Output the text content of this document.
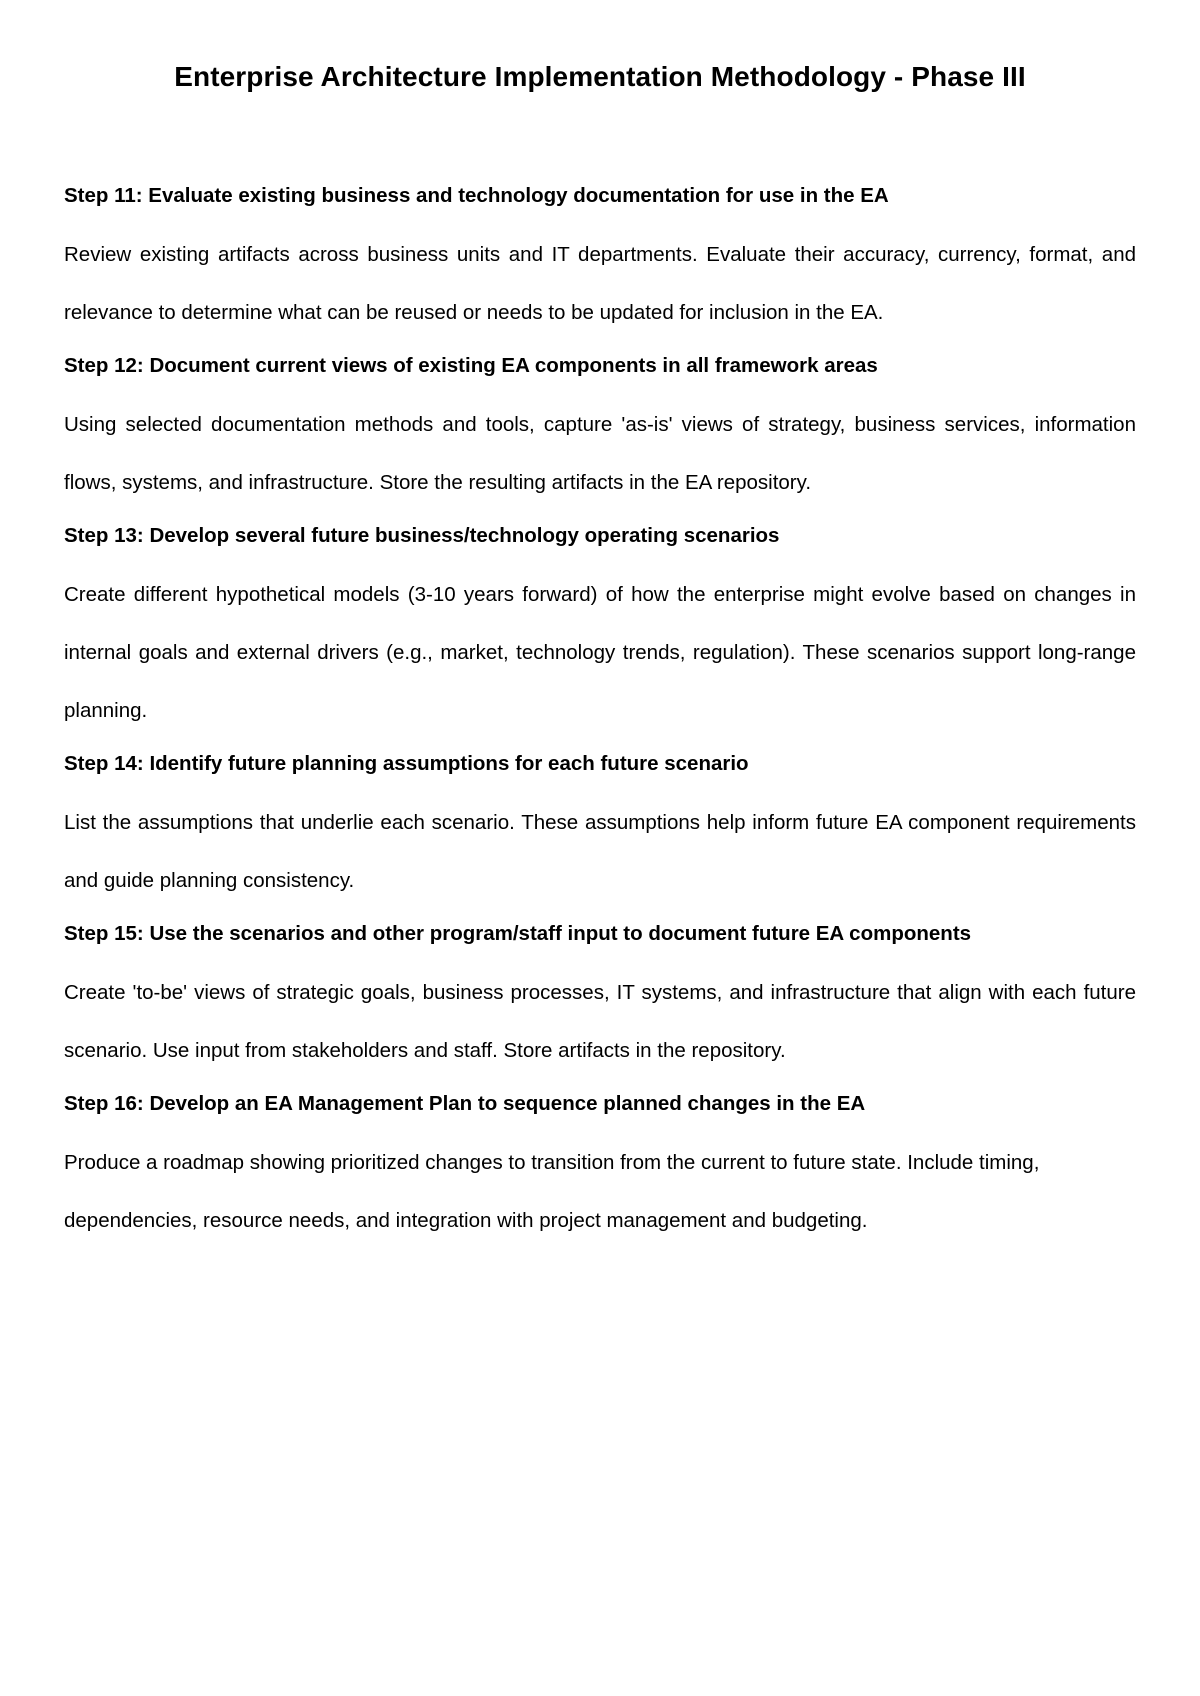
Enterprise Architecture Implementation Methodology - Phase III
Step 11: Evaluate existing business and technology documentation for use in the EA

Review existing artifacts across business units and IT departments. Evaluate their accuracy, currency, format, and relevance to determine what can be reused or needs to be updated for inclusion in the EA.

Step 12: Document current views of existing EA components in all framework areas

Using selected documentation methods and tools, capture 'as-is' views of strategy, business services, information flows, systems, and infrastructure. Store the resulting artifacts in the EA repository.

Step 13: Develop several future business/technology operating scenarios

Create different hypothetical models (3-10 years forward) of how the enterprise might evolve based on changes in internal goals and external drivers (e.g., market, technology trends, regulation). These scenarios support long-range planning.

Step 14: Identify future planning assumptions for each future scenario

List the assumptions that underlie each scenario. These assumptions help inform future EA component requirements and guide planning consistency.

Step 15: Use the scenarios and other program/staff input to document future EA components

Create 'to-be' views of strategic goals, business processes, IT systems, and infrastructure that align with each future scenario. Use input from stakeholders and staff. Store artifacts in the repository.

Step 16: Develop an EA Management Plan to sequence planned changes in the EA

Produce a roadmap showing prioritized changes to transition from the current to future state. Include timing, dependencies, resource needs, and integration with project management and budgeting.
